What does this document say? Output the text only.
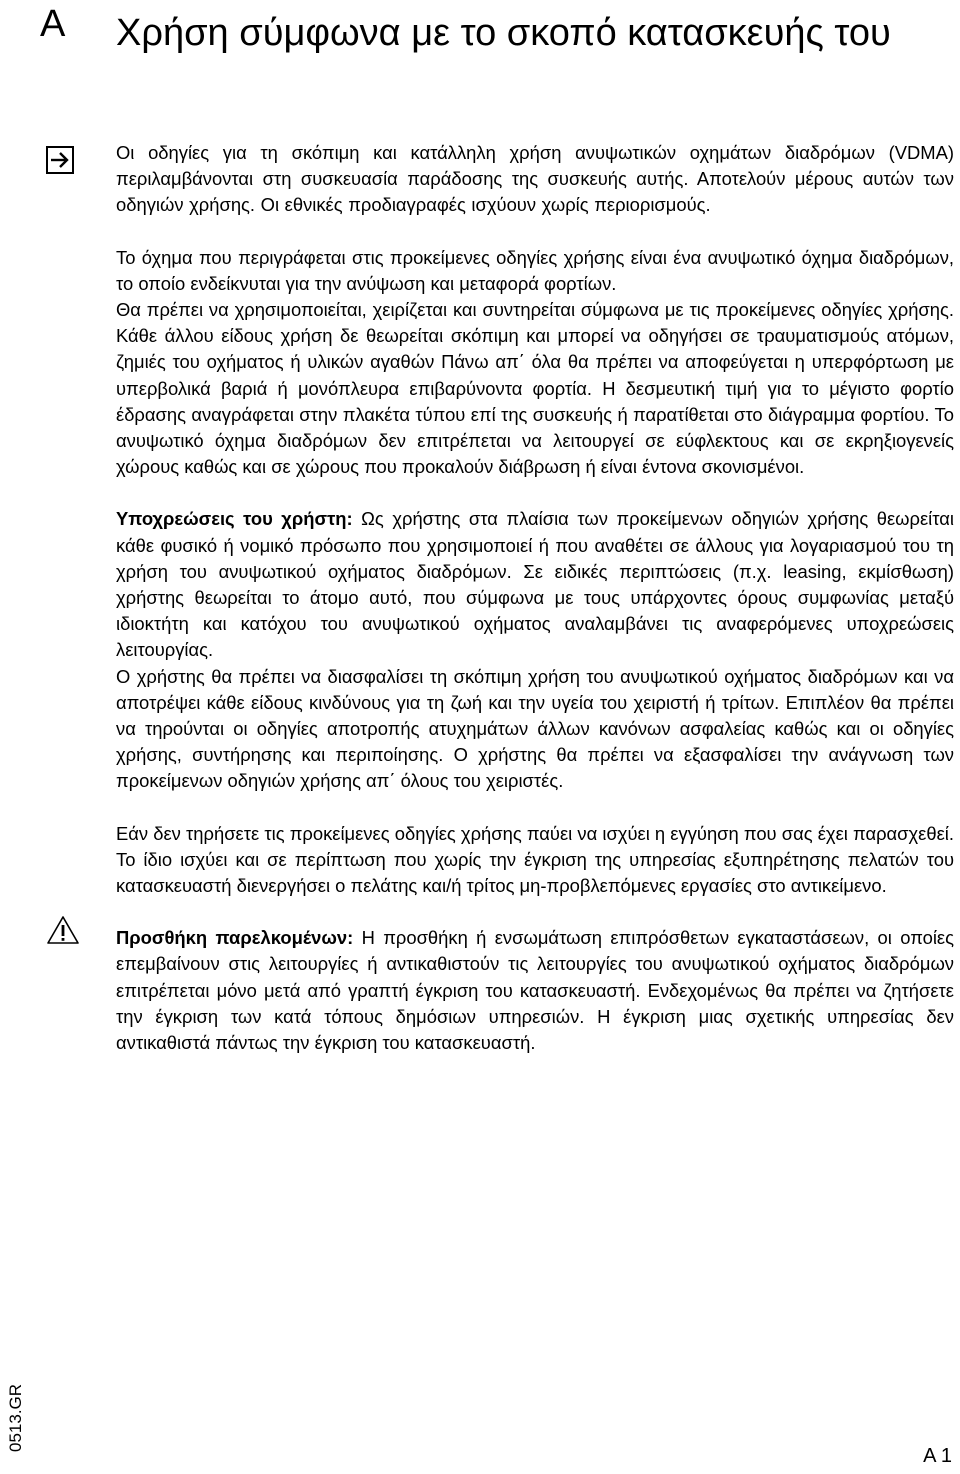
A Χρήση σύμφωνα με το σκοπό κατασκευής του

Οι οδηγίες για τη σκόπιμη και κατάλληλη χρήση ανυψωτικών οχημάτων διαδρόμων (VDMA) περιλαμβάνονται στη συσκευασία παράδοσης της συσκευής αυτής. Αποτελούν μέρους αυτών των οδηγιών χρήσης. Οι εθνικές προδιαγραφές ισχύουν χωρίς περιορισμούς.

Το όχημα που περιγράφεται στις προκείμενες οδηγίες χρήσης είναι ένα ανυψωτικό όχημα διαδρόμων, το οποίο ενδείκνυται για την ανύψωση και μεταφορά φορτίων.

Θα πρέπει να χρησιμοποιείται, χειρίζεται και συντηρείται σύμφωνα με τις προκείμενες οδηγίες χρήσης. Κάθε άλλου είδους χρήση δε θεωρείται σκόπιμη και μπορεί να οδηγήσει σε τραυματισμούς ατόμων, ζημιές του οχήματος ή υλικών αγαθών Πάνω απ΄ όλα θα πρέπει να αποφεύγεται η υπερφόρτωση με υπερβολικά βαριά ή μονόπλευρα επιβαρύνοντα φορτία. Η δεσμευτική τιμή για το μέγιστο φορτίο έδρασης αναγράφεται στην πλακέτα τύπου επί της συσκευής ή παρατίθεται στο διάγραμμα φορτίου. Το ανυψωτικό όχημα διαδρόμων δεν επιτρέπεται να λειτουργεί σε εύφλεκτους και σε εκρηξιογενείς χώρους καθώς και σε χώρους που προκαλούν διάβρωση ή είναι έντονα σκονισμένοι.

Υποχρεώσεις του χρήστη: Ως χρήστης στα πλαίσια των προκείμενων οδηγιών χρήσης θεωρείται κάθε φυσικό ή νομικό πρόσωπο που χρησιμοποιεί ή που αναθέτει σε άλλους για λογαριασμού του τη χρήση του ανυψωτικού οχήματος διαδρόμων. Σε ειδικές περιπτώσεις (π.χ. leasing, εκμίσθωση) χρήστης θεωρείται το άτομο αυτό, που σύμφωνα με τους υπάρχοντες όρους συμφωνίας μεταξύ ιδιοκτήτη και κατόχου του ανυψωτικού οχήματος αναλαμβάνει τις αναφερόμενες υποχρεώσεις λειτουργίας.

Ο χρήστης θα πρέπει να διασφαλίσει τη σκόπιμη χρήση του ανυψωτικού οχήματος διαδρόμων και να αποτρέψει κάθε είδους κινδύνους για τη ζωή και την υγεία του χειριστή ή τρίτων. Επιπλέον θα πρέπει να τηρούνται οι οδηγίες αποτροπής ατυχημάτων άλλων κανόνων ασφαλείας καθώς και οι οδηγίες χρήσης, συντήρησης και περιποίησης. Ο χρήστης θα πρέπει να εξασφαλίσει την ανάγνωση των προκείμενων οδηγιών χρήσης απ΄ όλους του χειριστές.

Εάν δεν τηρήσετε τις προκείμενες οδηγίες χρήσης παύει να ισχύει η εγγύηση που σας έχει παρασχεθεί. Το ίδιο ισχύει και σε περίπτωση που χωρίς την έγκριση της υπηρεσίας εξυπηρέτησης πελατών του κατασκευαστή διενεργήσει ο πελάτης και/ή τρίτος μη-προβλεπόμενες εργασίες στο αντικείμενο.

Προσθήκη παρελκομένων: Η προσθήκη ή ενσωμάτωση επιπρόσθετων εγκαταστάσεων, οι οποίες επεμβαίνουν στις λειτουργίες ή αντικαθιστούν τις λειτουργίες του ανυψωτικού οχήματος διαδρόμων επιτρέπεται μόνο μετά από γραπτή έγκριση του κατασκευαστή. Ενδεχομένως θα πρέπει να ζητήσετε την έγκριση των κατά τόπους δημόσιων υπηρεσιών. Η έγκριση μιας σχετικής υπηρεσίας δεν αντικαθιστά πάντως την έγκριση του κατασκευαστή.

0513.GR
A 1
